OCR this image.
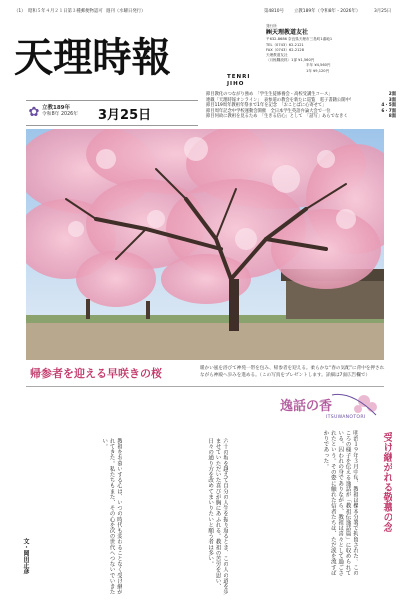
（1） 昭和５年４月２１日第３種郵便物認可 週刊（水曜日発行）	第4810号 立教189年（令和8年・2026年）	3月25日
天理時報	TENRI
JIHO
発行所
㈱天理教道友社
〒632-8686 奈良県天理市三島町1番地1
TEL（0743）62-2121
FAX（0743）62-2128
天理教道友社
〈月極購読料〉1部 ¥1,560円
半年 ¥4,560円
1年 ¥9,120円
✿ 立教189年
令和8年 2026年 3月25日
節目教化のつながり強め　「学生生徒修養会・高校受講生コース」	2面
連載「天理時報オンライン」　表参道の教会を新たに巡覧　電子書籍公開中！	3面
節目119周年教祖年祭まで1年を記念　「おことばに心寄せて」	4・5面
節目周年記念中学校運動会開催　全日本学生英語弁論大会で一位	6・7面
節目何故に教祖を見るため　「生きる信心」として　「話写」あらでなきく	8面
帰参者を迎える早咲きの桜	暖かい風を浴びて神苑一帯を包み、帰参者を迎える。柔らかな“春の気配”に背中を押されながら神殿へ歩みを進める。（この写真をプレゼントします。詳細は7面広告欄で）
逸話の香
ITSUWANOTORI
受け継がれる敬慕の念
明治１９年３月中旬、教祖は櫟本分署で拘留された。このころの様子を伝える逸話が「教祖伝逸話篇」に収められている。囚われの身でありながら、教祖は喜々として過ごされたという。その姿に触れた信者たちは、ただ涙を流すばかりであった。
六十の坂を越えて自分の人生を振り返るとき、この人の道を歩ませていただいた喜びが胸にあふれる。教祖の苦労を思い、日々の通り方を改めてまいりたいと願う者は多い。
教祖をお慕いする心は、いつの時代も変わることなく受け継がれてきた。私たちもまた、その心を次の世代へつないでいきたい。
文・岡田正彦
